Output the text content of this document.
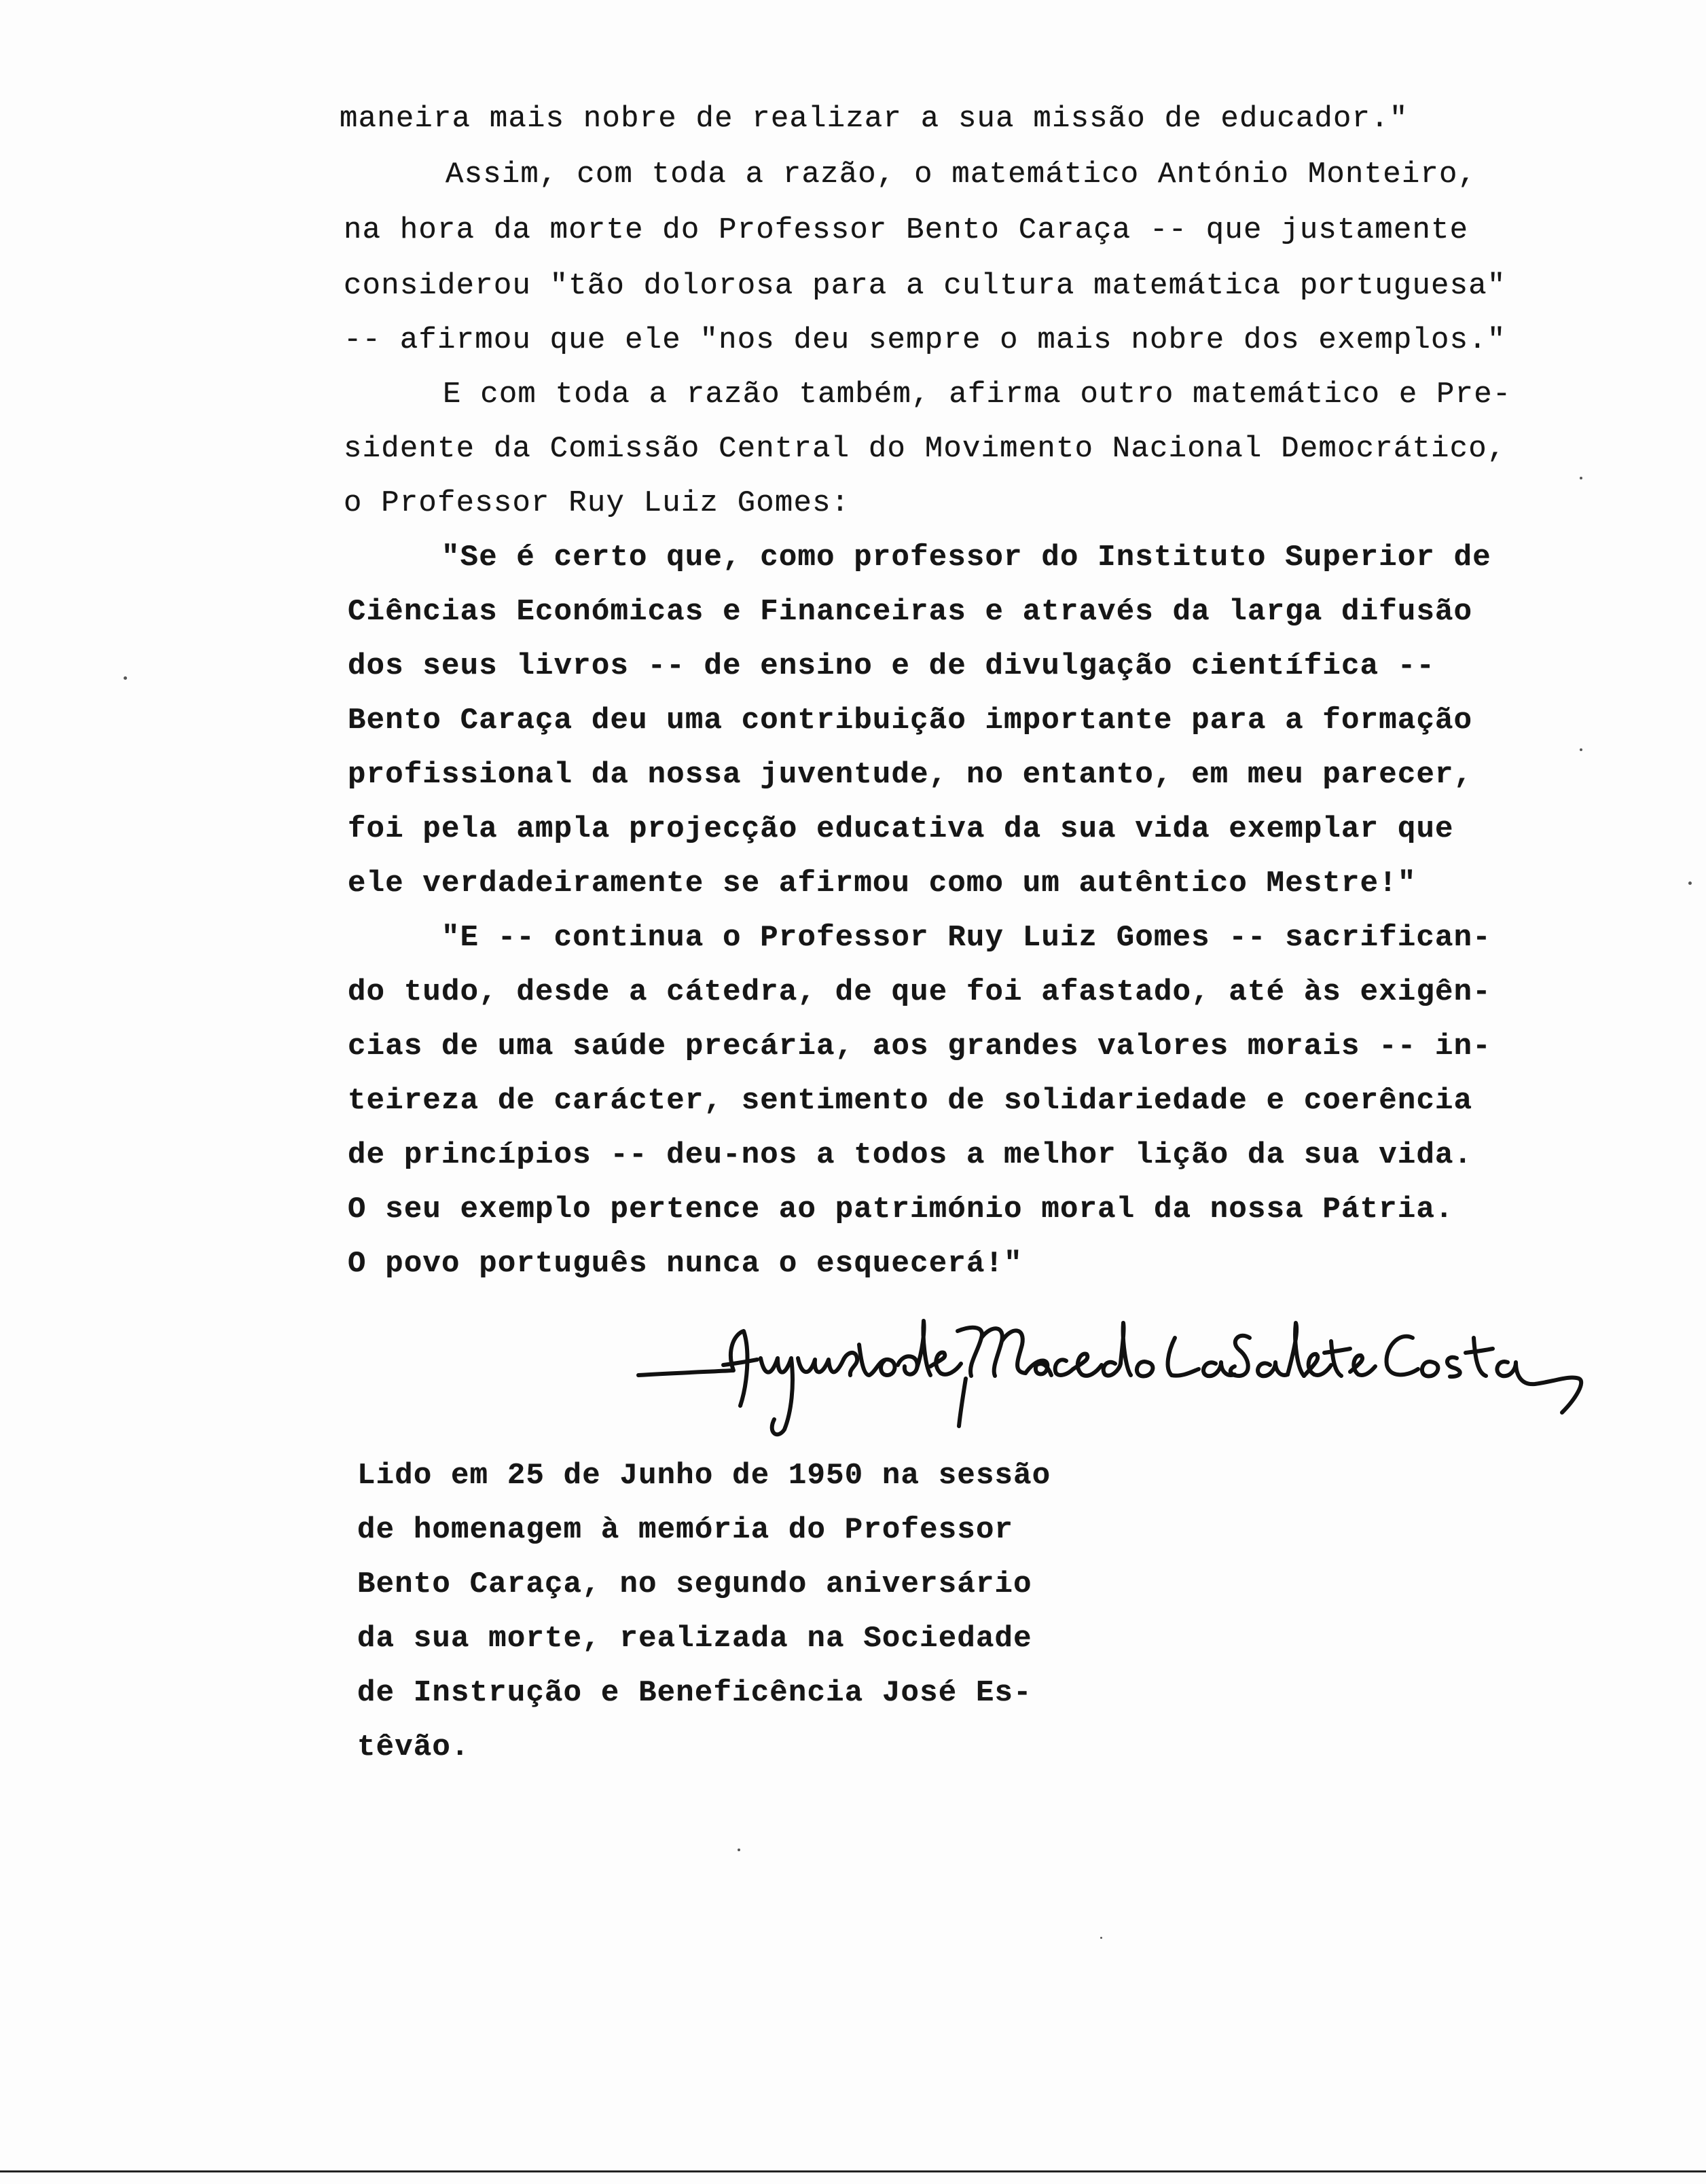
maneira mais nobre de realizar a sua missão de educador."
Assim, com toda a razão, o matemático António Monteiro,
na hora da morte do Professor Bento Caraça -- que justamente
considerou "tão dolorosa para a cultura matemática portuguesa"
-- afirmou que ele "nos deu sempre o mais nobre dos exemplos."
E com toda a razão também, afirma outro matemático e Pre-
sidente da Comissão Central do Movimento Nacional Democrático,
o Professor Ruy Luiz Gomes:
"Se é certo que, como professor do Instituto Superior de
Ciências Económicas e Financeiras e através da larga difusão
dos seus livros -- de ensino e de divulgação científica --
Bento Caraça deu uma contribuição importante para a formação
profissional da nossa juventude, no entanto, em meu parecer,
foi pela ampla projecção educativa da sua vida exemplar que
ele verdadeiramente se afirmou como um autêntico Mestre!"
"E -- continua o Professor Ruy Luiz Gomes -- sacrifican-
do tudo, desde a cátedra, de que foi afastado, até às exigên-
cias de uma saúde precária, aos grandes valores morais -- in-
teireza de carácter, sentimento de solidariedade e coerência
de princípios -- deu-nos a todos a melhor lição da sua vida.
O seu exemplo pertence ao património moral da nossa Pátria.
O povo português nunca o esquecerá!"
Lido em 25 de Junho de 1950 na sessão
de homenagem à memória do Professor
Bento Caraça, no segundo aniversário
da sua morte, realizada na Sociedade
de Instrução e Beneficência José Es-
têvão.
